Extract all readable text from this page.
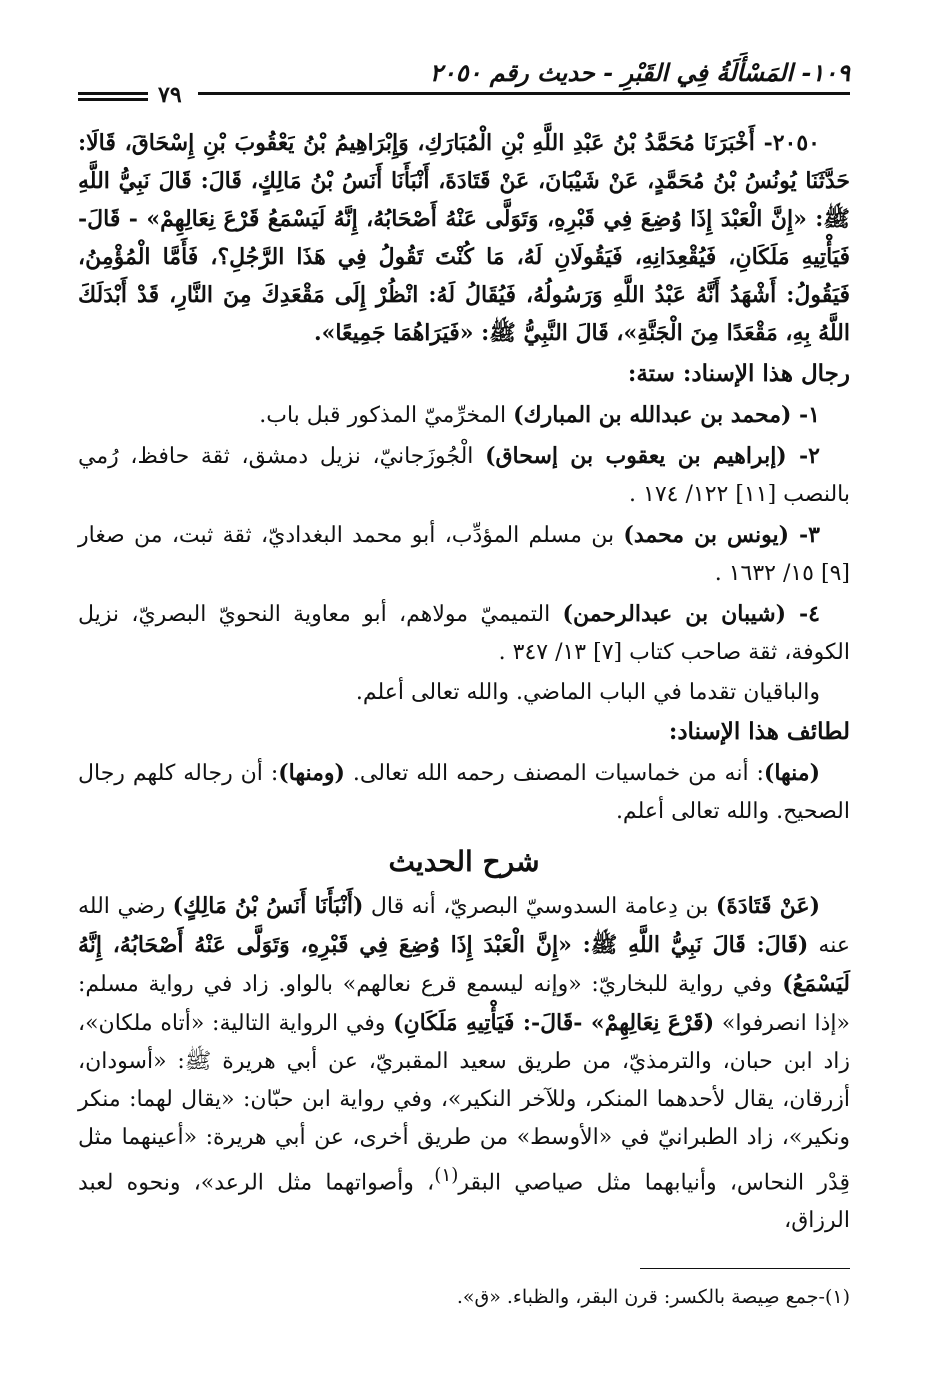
١٠٩- المَسْأَلَةُ فِي القَبْرِ - حديث رقم ٢٠٥٠
٧٩

٢٠٥٠- أَخْبَرَنَا مُحَمَّدُ بْنُ عَبْدِ اللَّهِ بْنِ الْمُبَارَكِ، وَإِبْرَاهِيمُ بْنُ يَعْقُوبَ بْنِ إِسْحَاقَ، قَالَا: حَدَّثَنَا يُونُسُ بْنُ مُحَمَّدٍ، عَنْ شَيْبَانَ، عَنْ قَتَادَةَ، أَنْبَأَنَا أَنَسُ بْنُ مَالِكٍ، قَالَ: قَالَ نَبِيُّ اللَّهِ ﷺ: «إِنَّ الْعَبْدَ إِذَا وُضِعَ فِي قَبْرِهِ، وَتَوَلَّى عَنْهُ أَصْحَابُهُ، إِنَّهُ لَيَسْمَعُ قَرْعَ نِعَالِهِمْ» - قَالَ- فَيَأْتِيهِ مَلَكَانِ، فَيُقْعِدَانِهِ، فَيَقُولَانِ لَهُ، مَا كُنْتَ تَقُولُ فِي هَذَا الرَّجُلِ؟، فَأَمَّا الْمُؤْمِنُ، فَيَقُولُ: أَشْهَدُ أَنَّهُ عَبْدُ اللَّهِ وَرَسُولُهُ، فَيُقَالُ لَهُ: انْظُرْ إِلَى مَقْعَدِكَ مِنَ النَّارِ، قَدْ أَبْدَلَكَ اللَّهُ بِهِ، مَقْعَدًا مِنَ الْجَنَّةِ»، قَالَ النَّبِيُّ ﷺ: «فَيَرَاهُمَا جَمِيعًا».

رجال هذا الإسناد: ستة:

١- (محمد بن عبدالله بن المبارك) المخرِّميّ المذكور قبل باب.

٢- (إبراهيم بن يعقوب بن إسحاق) الْجُوزَجانيّ، نزيل دمشق، ثقة حافظ، رُمي بالنصب [١١] ١٢٢/ ١٧٤ .

٣- (يونس بن محمد) بن مسلم المؤدِّب، أبو محمد البغداديّ، ثقة ثبت، من صغار [٩] ١٥/ ١٦٣٢ .

٤- (شيبان بن عبدالرحمن) التميميّ مولاهم، أبو معاوية النحويّ البصريّ، نزيل الكوفة، ثقة صاحب كتاب [٧] ١٣/ ٣٤٧ .

والباقيان تقدما في الباب الماضي. والله تعالى أعلم.

لطائف هذا الإسناد:

(منها): أنه من خماسيات المصنف رحمه الله تعالى. (ومنها): أن رجاله كلهم رجال الصحيح. والله تعالى أعلم.

شرح الحديث

(عَنْ قَتَادَةَ) بن دِعامة السدوسيّ البصريّ، أنه قال (أَنْبَأَنَا أَنَسُ بْنُ مَالِكٍ) رضي الله عنه (قَالَ: قَالَ نَبِيُّ اللَّهِ ﷺ: «إِنَّ الْعَبْدَ إِذَا وُضِعَ فِي قَبْرِهِ، وَتَوَلَّى عَنْهُ أَصْحَابُهُ، إِنَّهُ لَيَسْمَعُ) وفي رواية للبخاريّ: «وإنه ليسمع قرع نعالهم» بالواو. زاد في رواية مسلم: «إذا انصرفوا» (قَرْعَ نِعَالِهِمْ» -قَالَ-: فَيَأْتِيهِ مَلَكَانِ) وفي الرواية التالية: «أتاه ملكان»، زاد ابن حبان، والترمذيّ، من طريق سعيد المقبريّ، عن أبي هريرة ﷺ: «أسودان، أزرقان، يقال لأحدهما المنكر، وللآخر النكير»، وفي رواية ابن حبّان: «يقال لهما: منكر ونكير»، زاد الطبرانيّ في «الأوسط» من طريق أخرى، عن أبي هريرة: «أعينهما مثل قِدْر النحاس، وأنيابهما مثل صياصي البقر$^{(١)}$، وأصواتهما مثل الرعد»، ونحوه لعبد الرزاق،

(١)-جمع صِيصة بالكسر: قرن البقر، والظباء. «ق».
